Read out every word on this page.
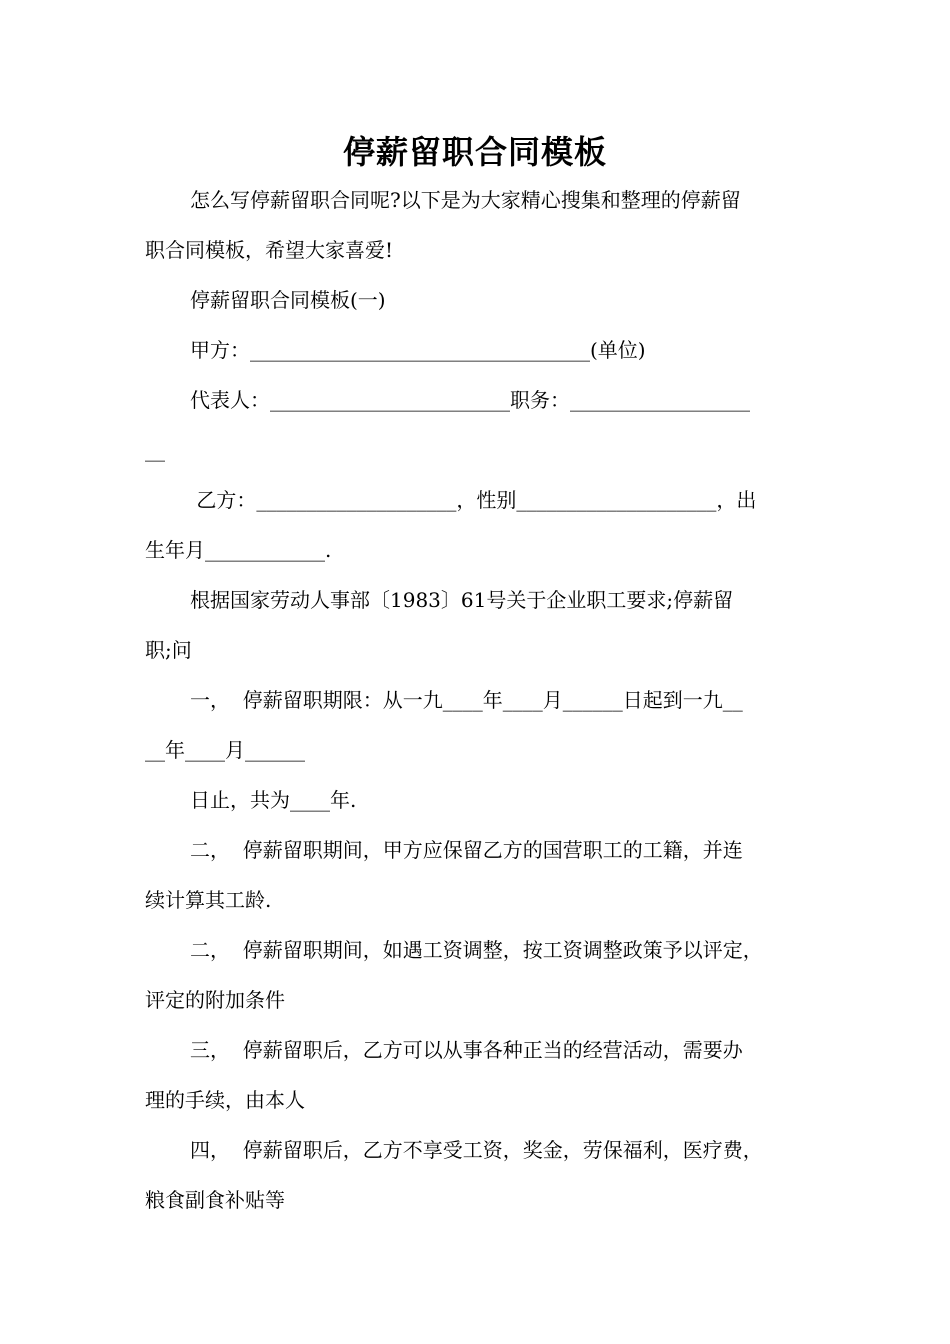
停薪留职合同模板
怎么写停薪留职合同呢?以下是为大家精心搜集和整理的停薪留
职合同模板，希望大家喜爱!
停薪留职合同模板(一)
甲方：__________________________________(单位)
代表人：________________________职务：__________________
__
乙方：____________________，性别____________________，出
生年月____________.
根据国家劳动人事部〔1983〕61号关于企业职工要求;停薪留
职;问
一，  停薪留职期限：从一九____年____月______日起到一九__
__年____月______
日止，共为____年.
二，  停薪留职期间，甲方应保留乙方的国营职工的工籍，并连
续计算其工龄.
二，  停薪留职期间，如遇工资调整，按工资调整政策予以评定，
评定的附加条件
三，  停薪留职后，乙方可以从事各种正当的经营活动，需要办
理的手续，由本人
四，  停薪留职后，乙方不享受工资，奖金，劳保福利，医疗费，
粮食副食补贴等
